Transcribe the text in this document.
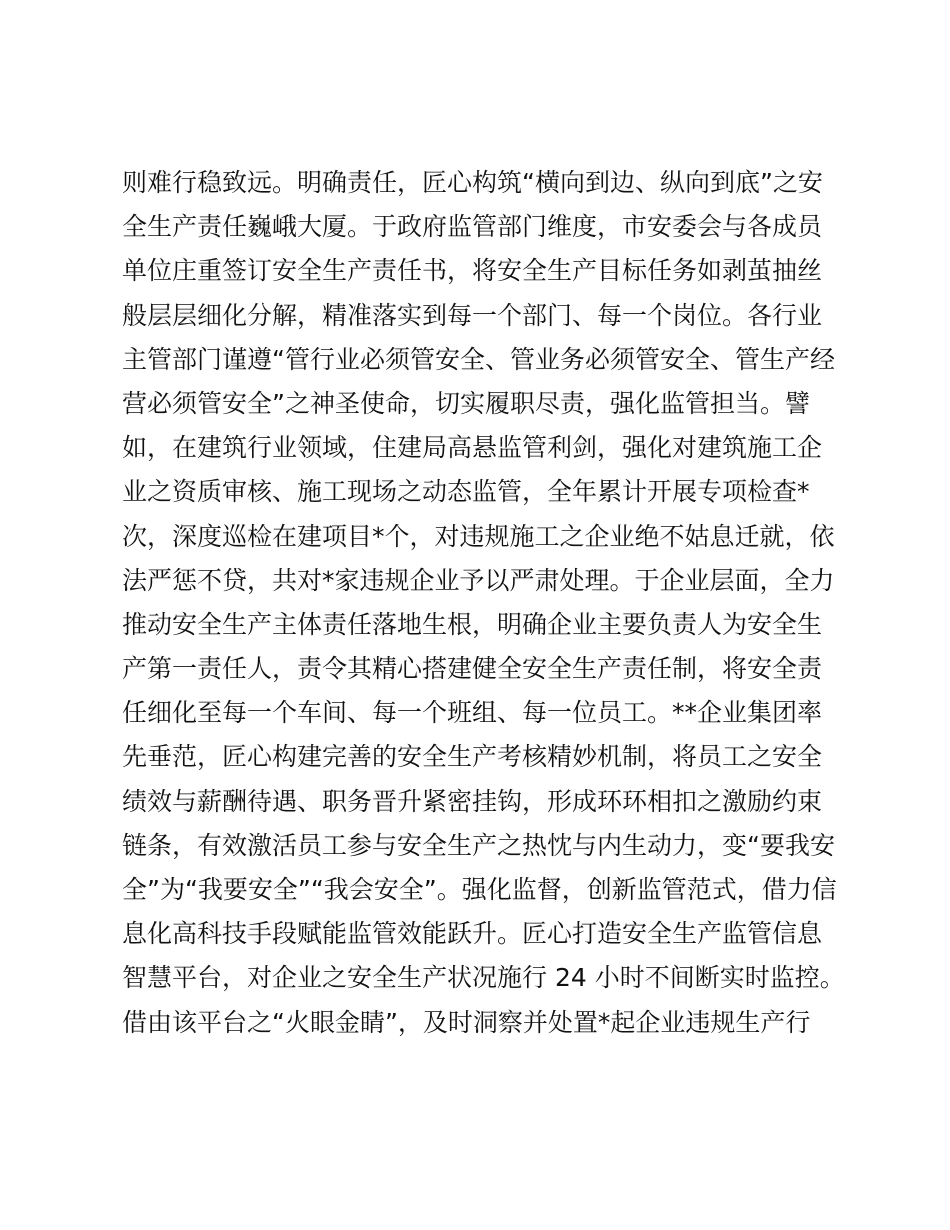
则难行稳致远。明确责任，匠心构筑“横向到边、纵向到底”之安
全生产责任巍峨大厦。于政府监管部门维度，市安委会与各成员
单位庄重签订安全生产责任书，将安全生产目标任务如剥茧抽丝
般层层细化分解，精准落实到每一个部门、每一个岗位。各行业
主管部门谨遵“管行业必须管安全、管业务必须管安全、管生产经
营必须管安全”之神圣使命，切实履职尽责，强化监管担当。譬
如，在建筑行业领域，住建局高悬监管利剑，强化对建筑施工企
业之资质审核、施工现场之动态监管，全年累计开展专项检查*
次，深度巡检在建项目*个，对违规施工之企业绝不姑息迁就，依
法严惩不贷，共对*家违规企业予以严肃处理。于企业层面，全力
推动安全生产主体责任落地生根，明确企业主要负责人为安全生
产第一责任人，责令其精心搭建健全安全生产责任制，将安全责
任细化至每一个车间、每一个班组、每一位员工。**企业集团率
先垂范，匠心构建完善的安全生产考核精妙机制，将员工之安全
绩效与薪酬待遇、职务晋升紧密挂钩，形成环环相扣之激励约束
链条，有效激活员工参与安全生产之热忱与内生动力，变“要我安
全”为“我要安全”“我会安全”。强化监督，创新监管范式，借力信
息化高科技手段赋能监管效能跃升。匠心打造安全生产监管信息
智慧平台，对企业之安全生产状况施行 24 小时不间断实时监控。
借由该平台之“火眼金睛”，及时洞察并处置*起企业违规生产行
